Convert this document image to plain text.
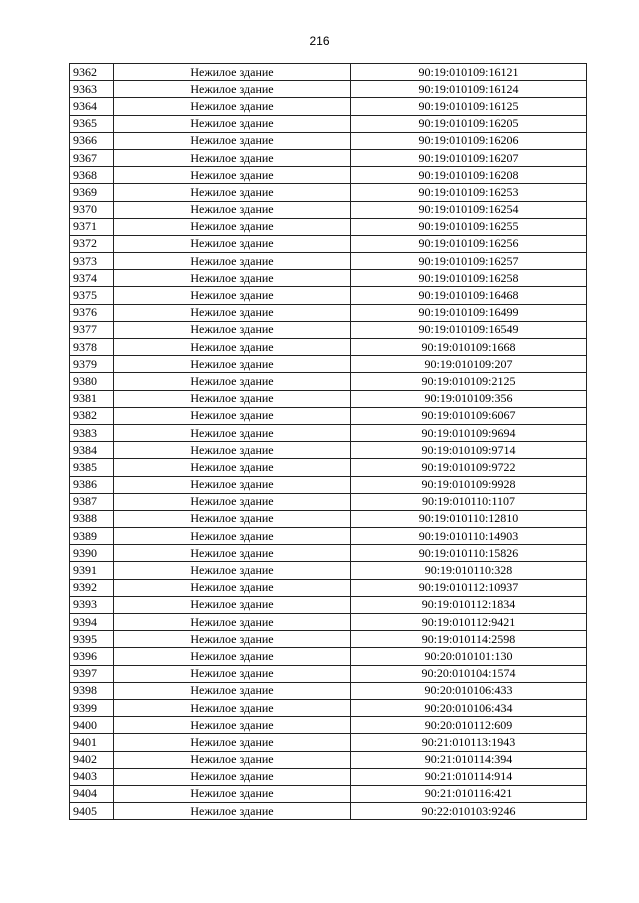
216
9362	Нежилое здание	90:19:010109:16121
9363	Нежилое здание	90:19:010109:16124
9364	Нежилое здание	90:19:010109:16125
9365	Нежилое здание	90:19:010109:16205
9366	Нежилое здание	90:19:010109:16206
9367	Нежилое здание	90:19:010109:16207
9368	Нежилое здание	90:19:010109:16208
9369	Нежилое здание	90:19:010109:16253
9370	Нежилое здание	90:19:010109:16254
9371	Нежилое здание	90:19:010109:16255
9372	Нежилое здание	90:19:010109:16256
9373	Нежилое здание	90:19:010109:16257
9374	Нежилое здание	90:19:010109:16258
9375	Нежилое здание	90:19:010109:16468
9376	Нежилое здание	90:19:010109:16499
9377	Нежилое здание	90:19:010109:16549
9378	Нежилое здание	90:19:010109:1668
9379	Нежилое здание	90:19:010109:207
9380	Нежилое здание	90:19:010109:2125
9381	Нежилое здание	90:19:010109:356
9382	Нежилое здание	90:19:010109:6067
9383	Нежилое здание	90:19:010109:9694
9384	Нежилое здание	90:19:010109:9714
9385	Нежилое здание	90:19:010109:9722
9386	Нежилое здание	90:19:010109:9928
9387	Нежилое здание	90:19:010110:1107
9388	Нежилое здание	90:19:010110:12810
9389	Нежилое здание	90:19:010110:14903
9390	Нежилое здание	90:19:010110:15826
9391	Нежилое здание	90:19:010110:328
9392	Нежилое здание	90:19:010112:10937
9393	Нежилое здание	90:19:010112:1834
9394	Нежилое здание	90:19:010112:9421
9395	Нежилое здание	90:19:010114:2598
9396	Нежилое здание	90:20:010101:130
9397	Нежилое здание	90:20:010104:1574
9398	Нежилое здание	90:20:010106:433
9399	Нежилое здание	90:20:010106:434
9400	Нежилое здание	90:20:010112:609
9401	Нежилое здание	90:21:010113:1943
9402	Нежилое здание	90:21:010114:394
9403	Нежилое здание	90:21:010114:914
9404	Нежилое здание	90:21:010116:421
9405	Нежилое здание	90:22:010103:9246
